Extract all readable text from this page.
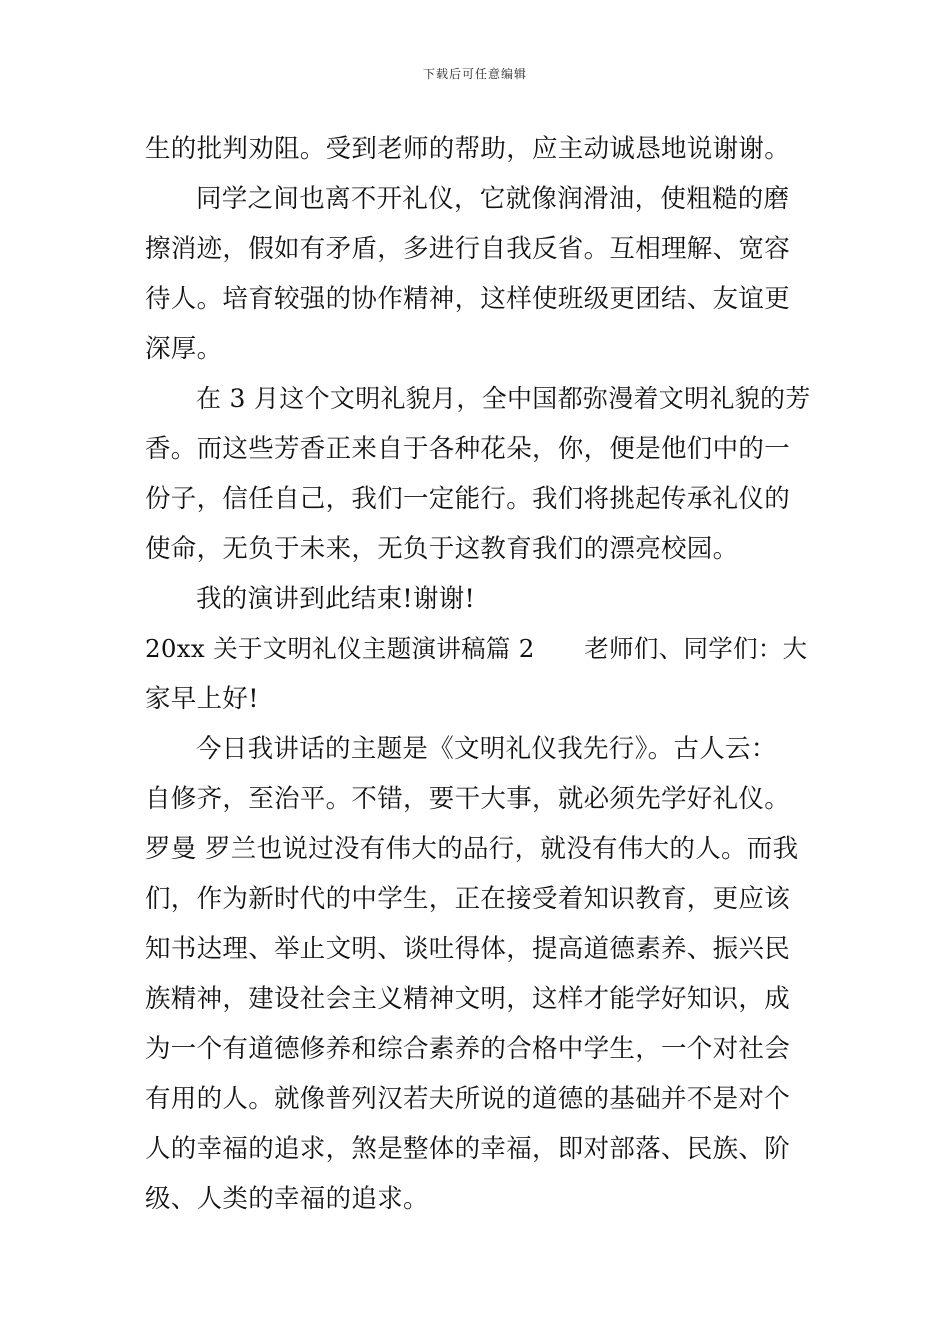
下载后可任意编辑
生的批判劝阻。受到老师的帮助，应主动诚恳地说谢谢。
同学之间也离不开礼仪，它就像润滑油，使粗糙的磨
擦消迹，假如有矛盾，多进行自我反省。互相理解、宽容
待人。培育较强的协作精神，这样使班级更团结、友谊更
深厚。
在 3 月这个文明礼貌月，全中国都弥漫着文明礼貌的芳
香。而这些芳香正来自于各种花朵，你，便是他们中的一
份子，信任自己，我们一定能行。我们将挑起传承礼仪的
使命，无负于未来，无负于这教育我们的漂亮校园。
我的演讲到此结束!谢谢!
20xx 关于文明礼仪主题演讲稿篇 2　　老师们、同学们：大
家早上好!
今日我讲话的主题是《文明礼仪我先行》。古人云：
自修齐，至治平。不错，要干大事，就必须先学好礼仪。
罗曼 罗兰也说过没有伟大的品行，就没有伟大的人。而我
们，作为新时代的中学生，正在接受着知识教育，更应该
知书达理、举止文明、谈吐得体，提高道德素养、振兴民
族精神，建设社会主义精神文明，这样才能学好知识，成
为一个有道德修养和综合素养的合格中学生，一个对社会
有用的人。就像普列汉若夫所说的道德的基础并不是对个
人的幸福的追求，煞是整体的幸福，即对部落、民族、阶
级、人类的幸福的追求。
